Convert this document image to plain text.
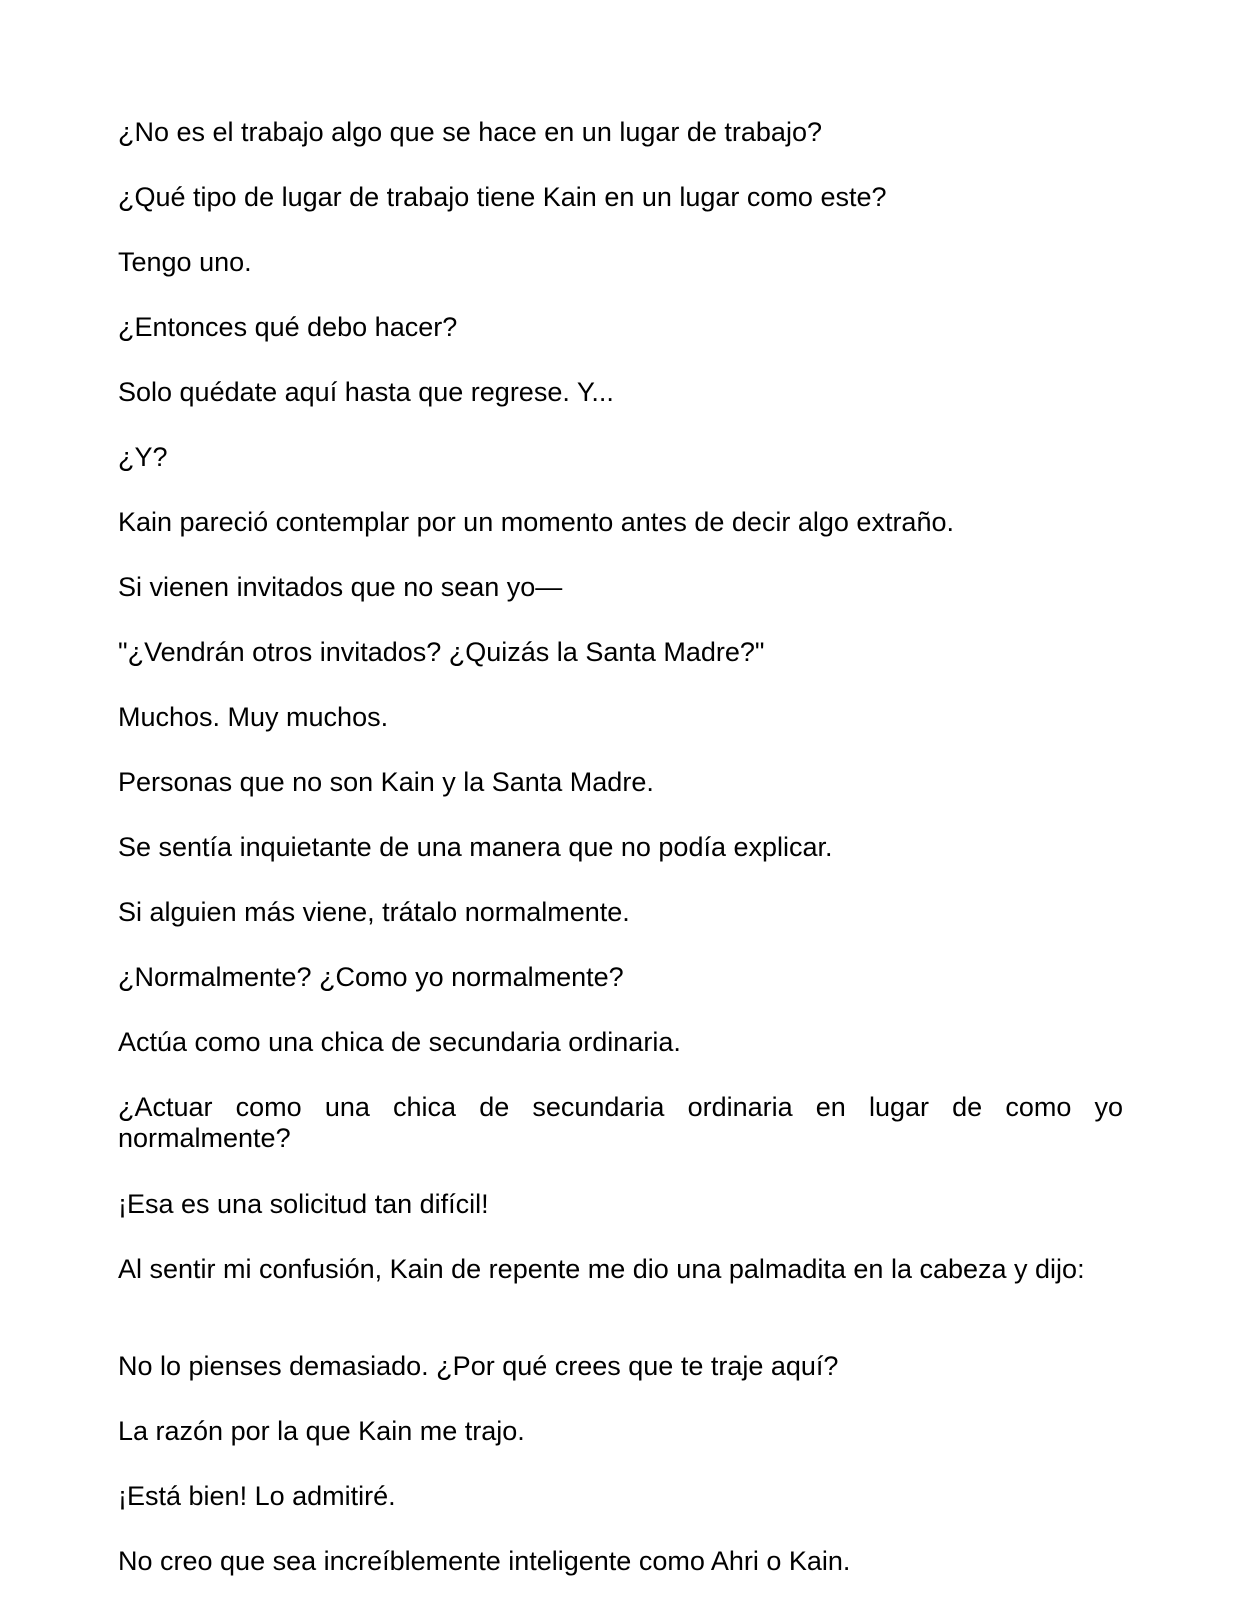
¿No es el trabajo algo que se hace en un lugar de trabajo?

¿Qué tipo de lugar de trabajo tiene Kain en un lugar como este?

Tengo uno.

¿Entonces qué debo hacer?

Solo quédate aquí hasta que regrese. Y...

¿Y?

Kain pareció contemplar por un momento antes de decir algo extraño.

Si vienen invitados que no sean yo—

"¿Vendrán otros invitados? ¿Quizás la Santa Madre?"

Muchos. Muy muchos.

Personas que no son Kain y la Santa Madre.

Se sentía inquietante de una manera que no podía explicar.

Si alguien más viene, trátalo normalmente.

¿Normalmente? ¿Como yo normalmente?

Actúa como una chica de secundaria ordinaria.

¿Actuar como una chica de secundaria ordinaria en lugar de como yo normalmente?

¡Esa es una solicitud tan difícil!

Al sentir mi confusión, Kain de repente me dio una palmadita en la cabeza y dijo:

No lo pienses demasiado. ¿Por qué crees que te traje aquí?

La razón por la que Kain me trajo.

¡Está bien! Lo admitiré.

No creo que sea increíblemente inteligente como Ahri o Kain.
